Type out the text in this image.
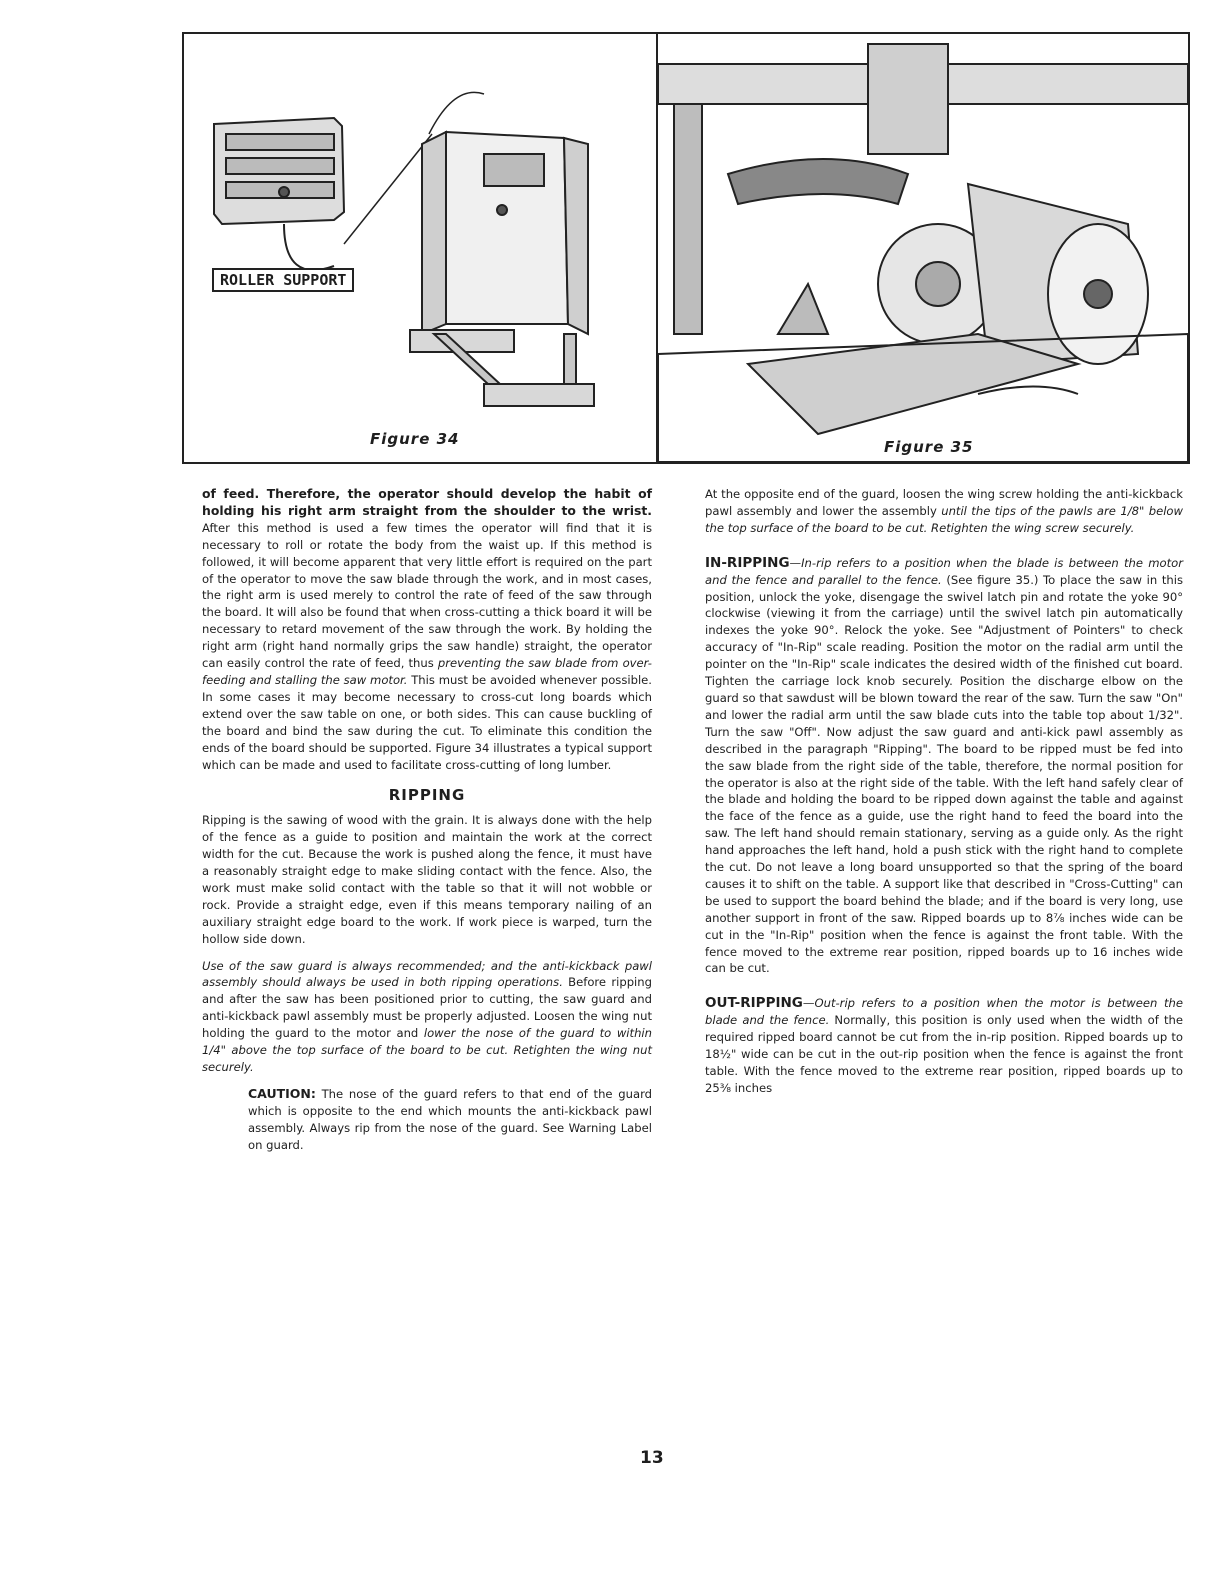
ROLLER SUPPORT
Figure 34	Figure 35

of feed. Therefore, the operator should develop the habit of holding his right arm straight from the shoulder to the wrist. After this method is used a few times the operator will find that it is necessary to roll or rotate the body from the waist up. If this method is followed, it will become apparent that very little effort is required on the part of the operator to move the saw blade through the work, and in most cases, the right arm is used merely to control the rate of feed of the saw through the board. It will also be found that when cross-cutting a thick board it will be necessary to retard movement of the saw through the work. By holding the right arm (right hand normally grips the saw handle) straight, the operator can easily control the rate of feed, thus preventing the saw blade from over-feeding and stalling the saw motor. This must be avoided whenever possible. In some cases it may become necessary to cross-cut long boards which extend over the saw table on one, or both sides. This can cause buckling of the board and bind the saw during the cut. To eliminate this condition the ends of the board should be supported. Figure 34 illustrates a typical support which can be made and used to facilitate cross-cutting of long lumber.

RIPPING

Ripping is the sawing of wood with the grain. It is always done with the help of the fence as a guide to position and maintain the work at the correct width for the cut. Because the work is pushed along the fence, it must have a reasonably straight edge to make sliding contact with the fence. Also, the work must make solid contact with the table so that it will not wobble or rock. Provide a straight edge, even if this means temporary nailing of an auxiliary straight edge board to the work. If work piece is warped, turn the hollow side down.

Use of the saw guard is always recommended; and the anti-kickback pawl assembly should always be used in both ripping operations. Before ripping and after the saw has been positioned prior to cutting, the saw guard and anti-kickback pawl assembly must be properly adjusted. Loosen the wing nut holding the guard to the motor and lower the nose of the guard to within 1/4" above the top surface of the board to be cut. Retighten the wing nut securely.

CAUTION: The nose of the guard refers to that end of the guard which is opposite to the end which mounts the anti-kickback pawl assembly. Always rip from the nose of the guard. See Warning Label on guard.

At the opposite end of the guard, loosen the wing screw holding the anti-kickback pawl assembly and lower the assembly until the tips of the pawls are 1/8" below the top surface of the board to be cut. Retighten the wing screw securely.

IN-RIPPING—In-rip refers to a position when the blade is between the motor and the fence and parallel to the fence. (See figure 35.) To place the saw in this position, unlock the yoke, disengage the swivel latch pin and rotate the yoke 90° clockwise (viewing it from the carriage) until the swivel latch pin automatically indexes the yoke 90°. Relock the yoke. See "Adjustment of Pointers" to check accuracy of "In-Rip" scale reading. Position the motor on the radial arm until the pointer on the "In-Rip" scale indicates the desired width of the finished cut board. Tighten the carriage lock knob securely. Position the discharge elbow on the guard so that sawdust will be blown toward the rear of the saw. Turn the saw "On" and lower the radial arm until the saw blade cuts into the table top about 1/32". Turn the saw "Off". Now adjust the saw guard and anti-kick pawl assembly as described in the paragraph "Ripping". The board to be ripped must be fed into the saw blade from the right side of the table, therefore, the normal position for the operator is also at the right side of the table. With the left hand safely clear of the blade and holding the board to be ripped down against the table and against the face of the fence as a guide, use the right hand to feed the board into the saw. The left hand should remain stationary, serving as a guide only. As the right hand approaches the left hand, hold a push stick with the right hand to complete the cut. Do not leave a long board unsupported so that the spring of the board causes it to shift on the table. A support like that described in "Cross-Cutting" can be used to support the board behind the blade; and if the board is very long, use another support in front of the saw. Ripped boards up to 8⅞ inches wide can be cut in the "In-Rip" position when the fence is against the front table. With the fence moved to the extreme rear position, ripped boards up to 16 inches wide can be cut.

OUT-RIPPING—Out-rip refers to a position when the motor is between the blade and the fence. Normally, this position is only used when the width of the required ripped board cannot be cut from the in-rip position. Ripped boards up to 18½" wide can be cut in the out-rip position when the fence is against the front table. With the fence moved to the extreme rear position, ripped boards up to 25⅜ inches

13
